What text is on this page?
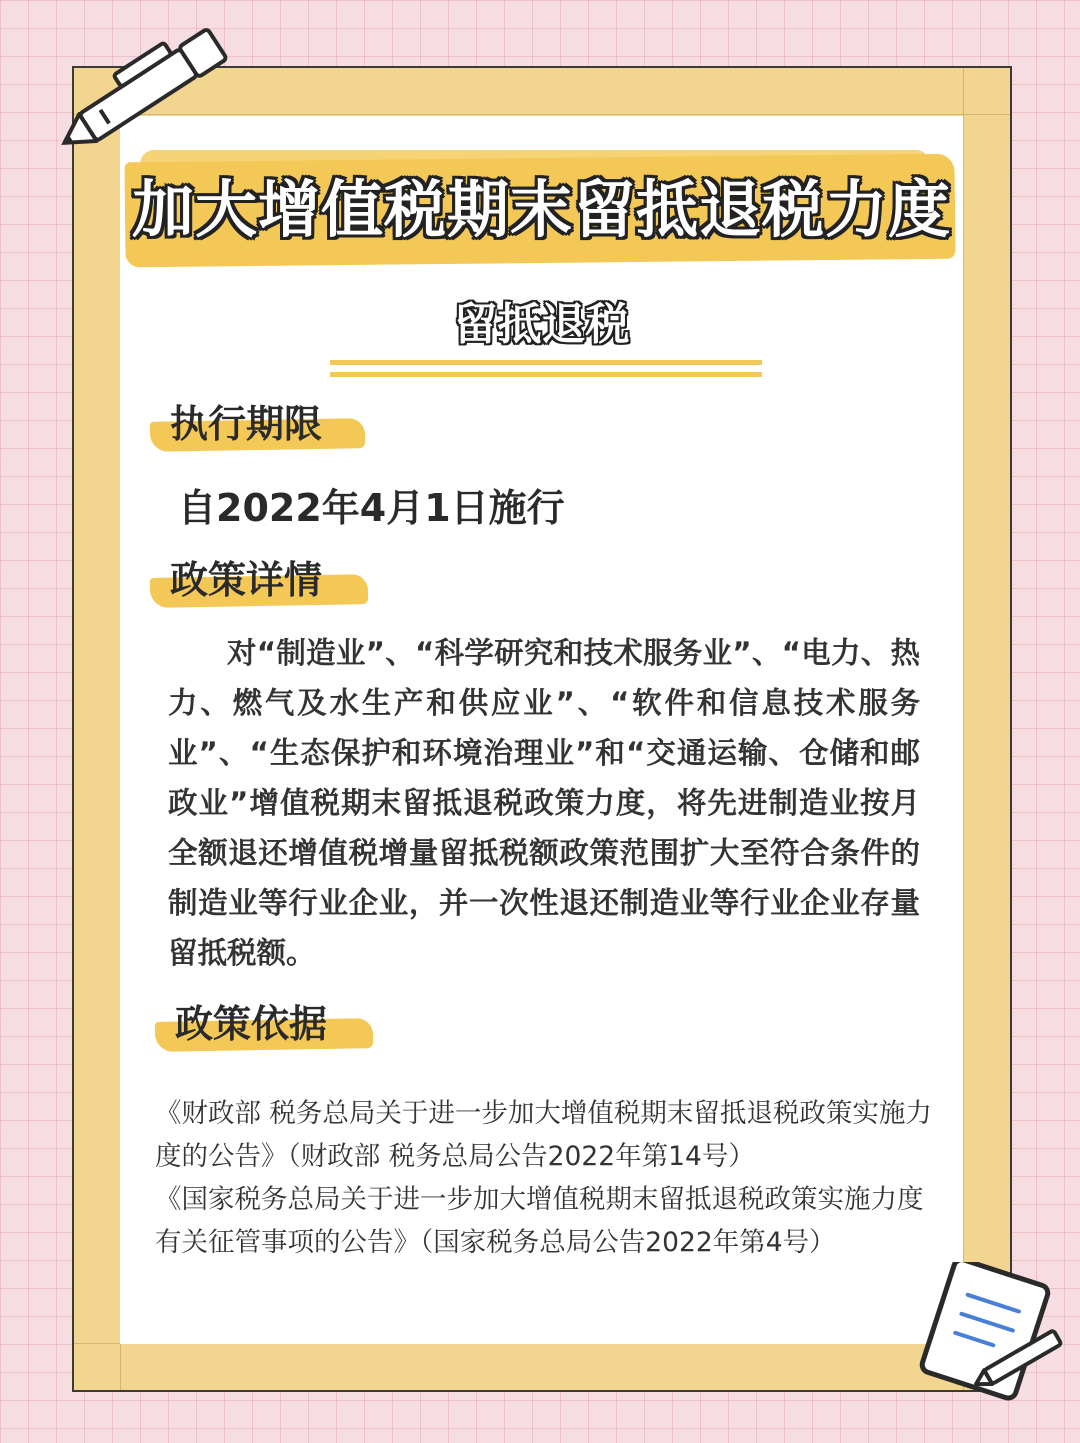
加大增值税期末留抵退税力度
留抵退税
执行期限
自2022年4月1日施行
政策详情

对“制造业”、“科学研究和技术服务业”、“电力、热力、燃气及水生产和供应业”、“软件和信息技术服务业”、“生态保护和环境治理业”和“交通运输、仓储和邮政业”增值税期末留抵退税政策力度，将先进制造业按月全额退还增值税增量留抵税额政策范围扩大至符合条件的制造业等行业企业，并一次性退还制造业等行业企业存量留抵税额。

政策依据

《财政部 税务总局关于进一步加大增值税期末留抵退税政策实施力度的公告》（财政部 税务总局公告2022年第14号）

《国家税务总局关于进一步加大增值税期末留抵退税政策实施力度有关征管事项的公告》（国家税务总局公告2022年第4号）
